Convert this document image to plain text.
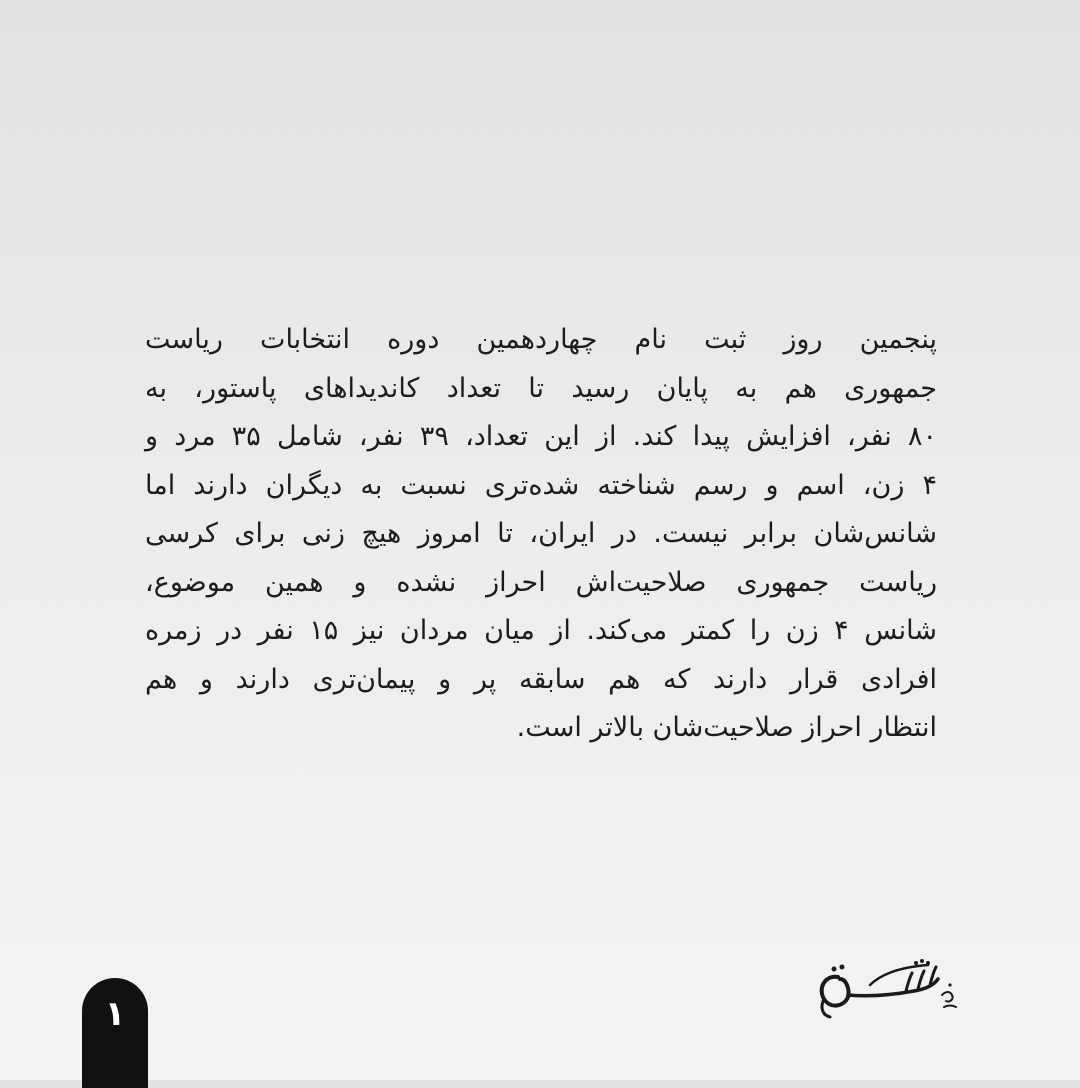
پنجمین روز ثبت نام چهاردهمین دوره انتخابات ریاست
جمهوری هم به پایان رسید تا تعداد کاندیداهای پاستور، به
۸۰ نفر، افزایش پیدا کند. از این تعداد، ۳۹ نفر، شامل ۳۵ مرد و
۴ زن، اسم و رسم شناخته شده‌تری نسبت به دیگران دارند اما
شانس‌شان برابر نیست. در ایران، تا امروز هیچ زنی برای کرسی
ریاست جمهوری صلاحیت‌اش احراز نشده و همین موضوع،
شانس ۴ زن را کمتر می‌کند. از میان مردان نیز ۱۵ نفر در زمره
افرادی قرار دارند که هم سابقه پر و پیمان‌تری دارند و هم
انتظار احراز صلاحیت‌شان بالاتر است.
۱
